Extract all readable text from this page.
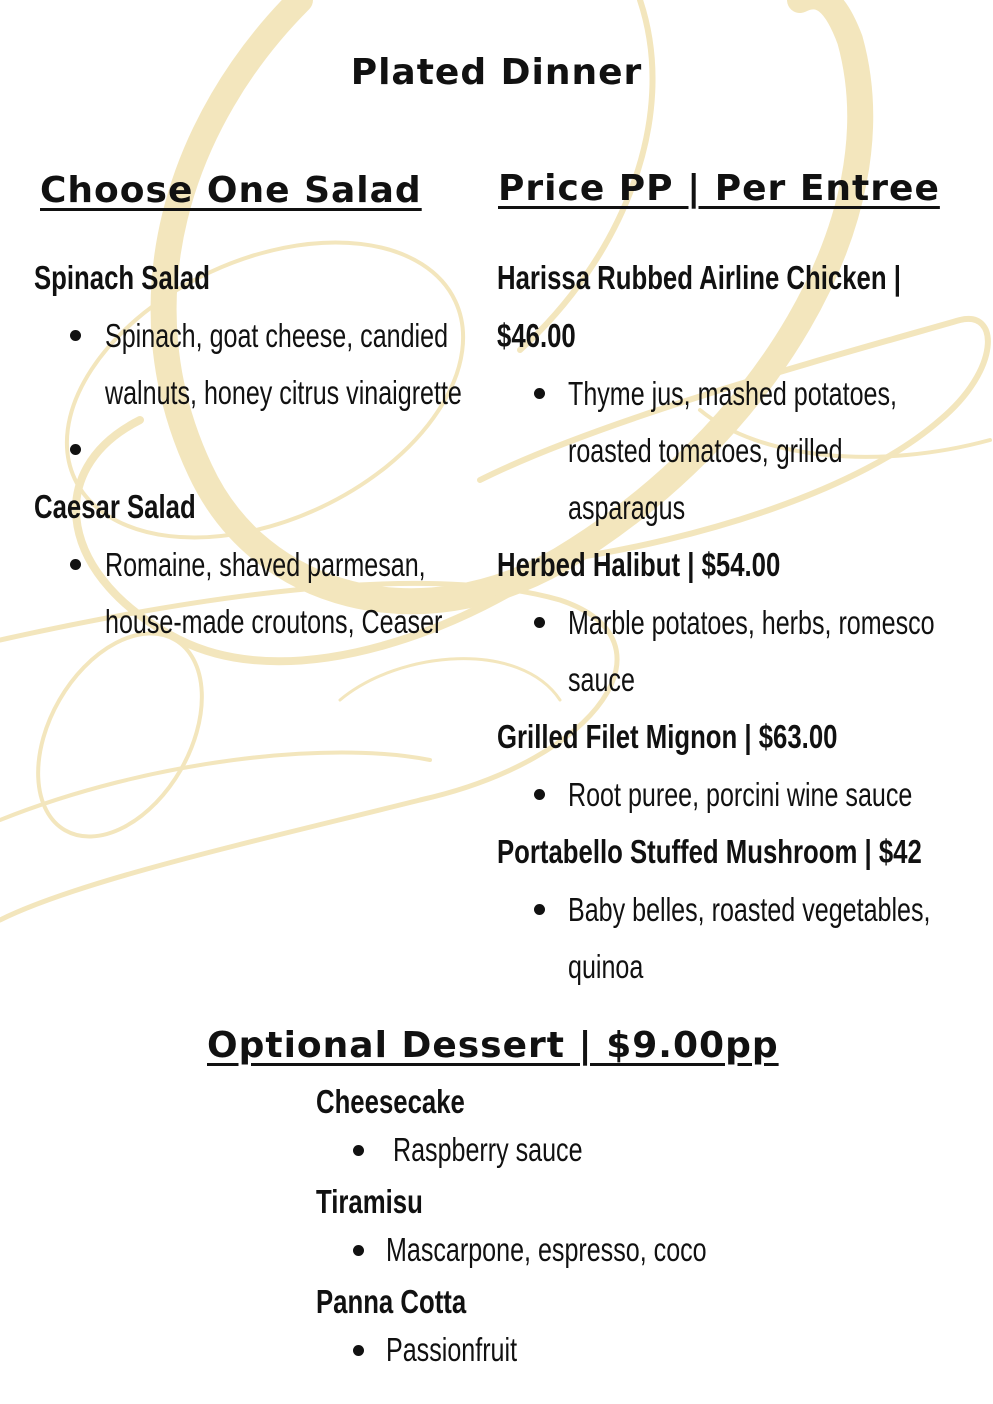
Plated Dinner
Choose One Salad Price PP | Per Entree

Spinach Salad

Spinach, goat cheese, candied walnuts, honey citrus vinaigrette

Caesar Salad

Romaine, shaved parmesan, house-made croutons, Ceaser

Harissa Rubbed Airline Chicken | $46.00

Thyme jus, mashed potatoes, roasted tomatoes, grilled asparagus

Herbed Halibut | $54.00

Marble potatoes, herbs, romesco sauce

Grilled Filet Mignon | $63.00

Root puree, porcini wine sauce

Portabello Stuffed Mushroom | $42

Baby belles, roasted vegetables, quinoa
Optional Dessert | $9.00pp

Cheesecake

Raspberry sauce

Tiramisu

Mascarpone, espresso, coco

Panna Cotta

Passionfruit
